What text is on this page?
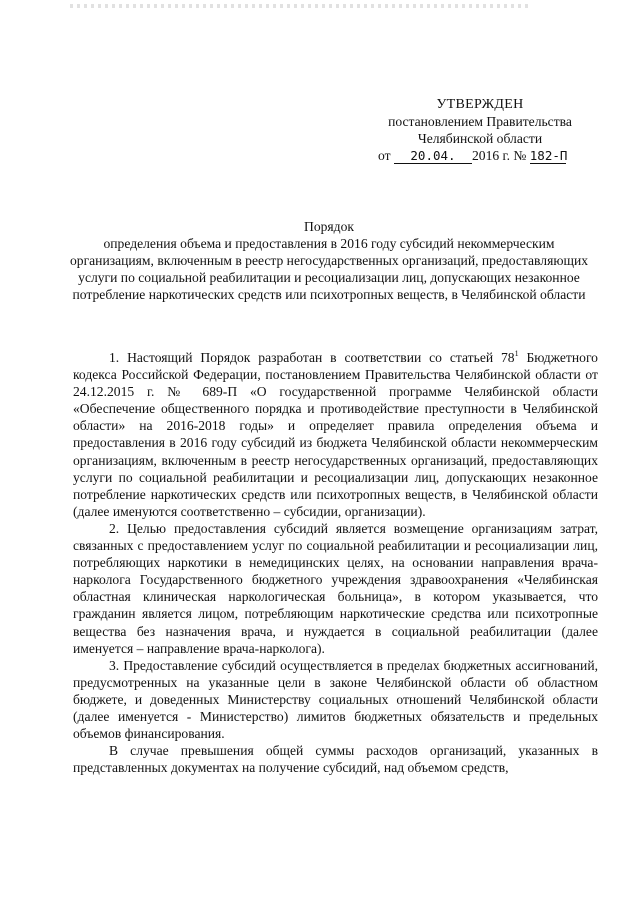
УТВЕРЖДЕН
постановлением Правительства
Челябинской области
от 20.04. 2016 г. № 182-П
Порядок
определения объема и предоставления в 2016 году субсидий некоммерческим организациям, включенным в реестр негосударственных организаций, предоставляющих услуги по социальной реабилитации и ресоциализации лиц, допускающих незаконное потребление наркотических средств или психотропных веществ, в Челябинской области

1. Настоящий Порядок разработан в соответствии со статьей $78^1$ Бюджетного кодекса Российской Федерации, постановлением Правительства Челябинской области от 24.12.2015 г. № 689-П «О государственной программе Челябинской области «Обеспечение общественного порядка и противодействие преступности в Челябинской области» на 2016-2018 годы» и определяет правила определения объема и предоставления в 2016 году субсидий из бюджета Челябинской области некоммерческим организациям, включенным в реестр негосударственных организаций, предоставляющих услуги по социальной реабилитации и ресоциализации лиц, допускающих незаконное потребление наркотических средств или психотропных веществ, в Челябинской области (далее именуются соответственно – субсидии, организации).

2. Целью предоставления субсидий является возмещение организациям затрат, связанных с предоставлением услуг по социальной реабилитации и ресоциализации лиц, потребляющих наркотики в немедицинских целях, на основании направления врача-нарколога Государственного бюджетного учреждения здравоохранения «Челябинская областная клиническая наркологическая больница», в котором указывается, что гражданин является лицом, потребляющим наркотические средства или психотропные вещества без назначения врача, и нуждается в социальной реабилитации (далее именуется – направление врача-нарколога).

3. Предоставление субсидий осуществляется в пределах бюджетных ассигнований, предусмотренных на указанные цели в законе Челябинской области об областном бюджете, и доведенных Министерству социальных отношений Челябинской области (далее именуется - Министерство) лимитов бюджетных обязательств и предельных объемов финансирования.

В случае превышения общей суммы расходов организаций, указанных в представленных документах на получение субсидий, над объемом средств,
